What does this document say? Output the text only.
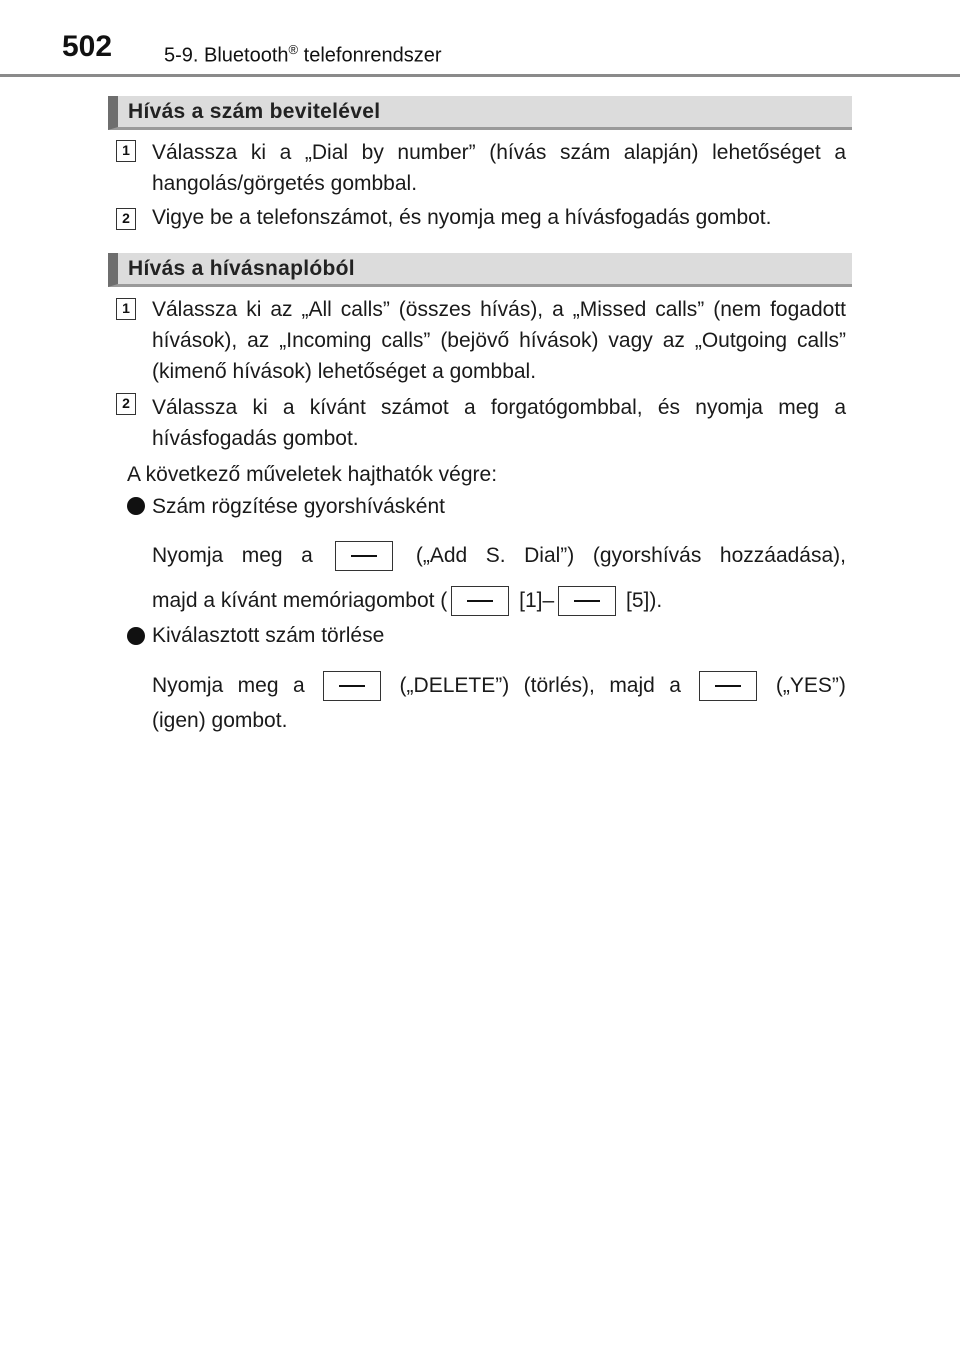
502	5-9. Bluetooth® telefonrendszer
Hívás a szám bevitelével
1 Válassza ki a „Dial by number” (hívás szám alapján) lehetőséget a hangolás/görgetés gombbal.
2 Vigye be a telefonszámot, és nyomja meg a hívásfogadás gombot.
Hívás a hívásnaplóból
1 Válassza ki az „All calls” (összes hívás), a „Missed calls” (nem fogadott hívások), az „Incoming calls” (bejövő hívások) vagy az „Outgoing calls” (kimenő hívások) lehetőséget a gombbal.
2 Válassza ki a kívánt számot a forgatógombbal, és nyomja meg a hívásfogadás gombot.
A következő műveletek hajthatók végre:
Szám rögzítése gyorshívásként
Nyomja meg a	(„Add S. Dial”) (gyorshívás hozzáadása),
majd a kívánt memóriagombot (	[1]–	[5]).
Kiválasztott szám törlése
Nyomja meg a	(„DELETE”) (törlés), majd a	(„YES”)
(igen) gombot.
